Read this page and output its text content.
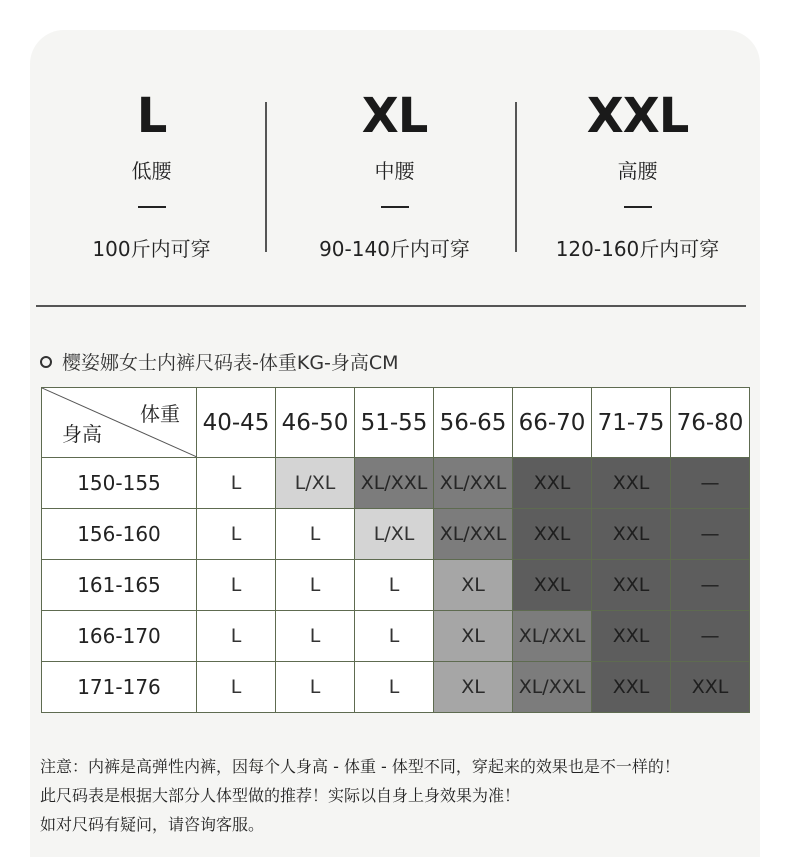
L
低腰
100斤内可穿
XL
中腰
90-140斤内可穿
XXL
高腰
120-160斤内可穿
樱姿娜女士内裤尺码表-体重KG-身高CM
体重
身高	40-45	46-50	51-55	56-65	66-70	71-75	76-80
150-155	L	L/XL	XL/XXL	XL/XXL	XXL	XXL	—
156-160	L	L	L/XL	XL/XXL	XXL	XXL	—
161-165	L	L	L	XL	XXL	XXL	—
166-170	L	L	L	XL	XL/XXL	XXL	—
171-176	L	L	L	XL	XL/XXL	XXL	XXL
注意：内裤是高弹性内裤，因每个人身高 - 体重 - 体型不同，穿起来的效果也是不一样的！
此尺码表是根据大部分人体型做的推荐！实际以自身上身效果为准！
如对尺码有疑问，请咨询客服。
